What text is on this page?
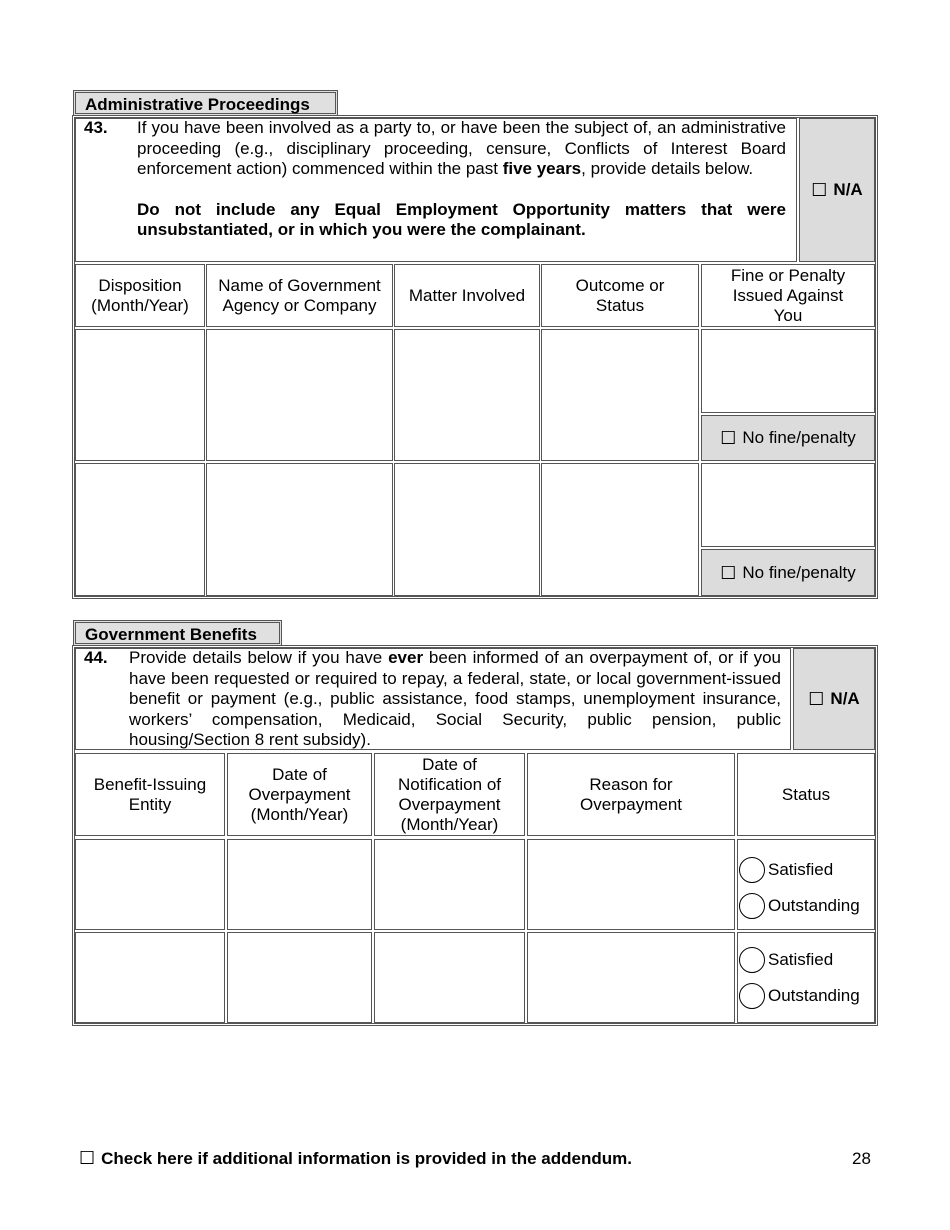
Administrative Proceedings
43. If you have been involved as a party to, or have been the subject of, an administrative proceeding (e.g., disciplinary proceeding, censure, Conflicts of Interest Board enforcement action) commenced within the past five years, provide details below.
Do not include any Equal Employment Opportunity matters that were unsubstantiated, or in which you were the complainant.
☐ N/A
Disposition (Month/Year)
Name of Government Agency or Company
Matter Involved
Outcome or Status
Fine or Penalty Issued Against You
☐ No fine/penalty
☐ No fine/penalty
Government Benefits
44. Provide details below if you have ever been informed of an overpayment of, or if you have been requested or required to repay, a federal, state, or local government-issued benefit or payment (e.g., public assistance, food stamps, unemployment insurance, workers’ compensation, Medicaid, Social Security, public pension, public housing/Section 8 rent subsidy).
☐ N/A
Benefit-Issuing Entity
Date of Overpayment (Month/Year)
Date of Notification of Overpayment (Month/Year)
Reason for Overpayment
Status
Satisfied
Outstanding
Satisfied
Outstanding
☐ Check here if additional information is provided in the addendum.	28
